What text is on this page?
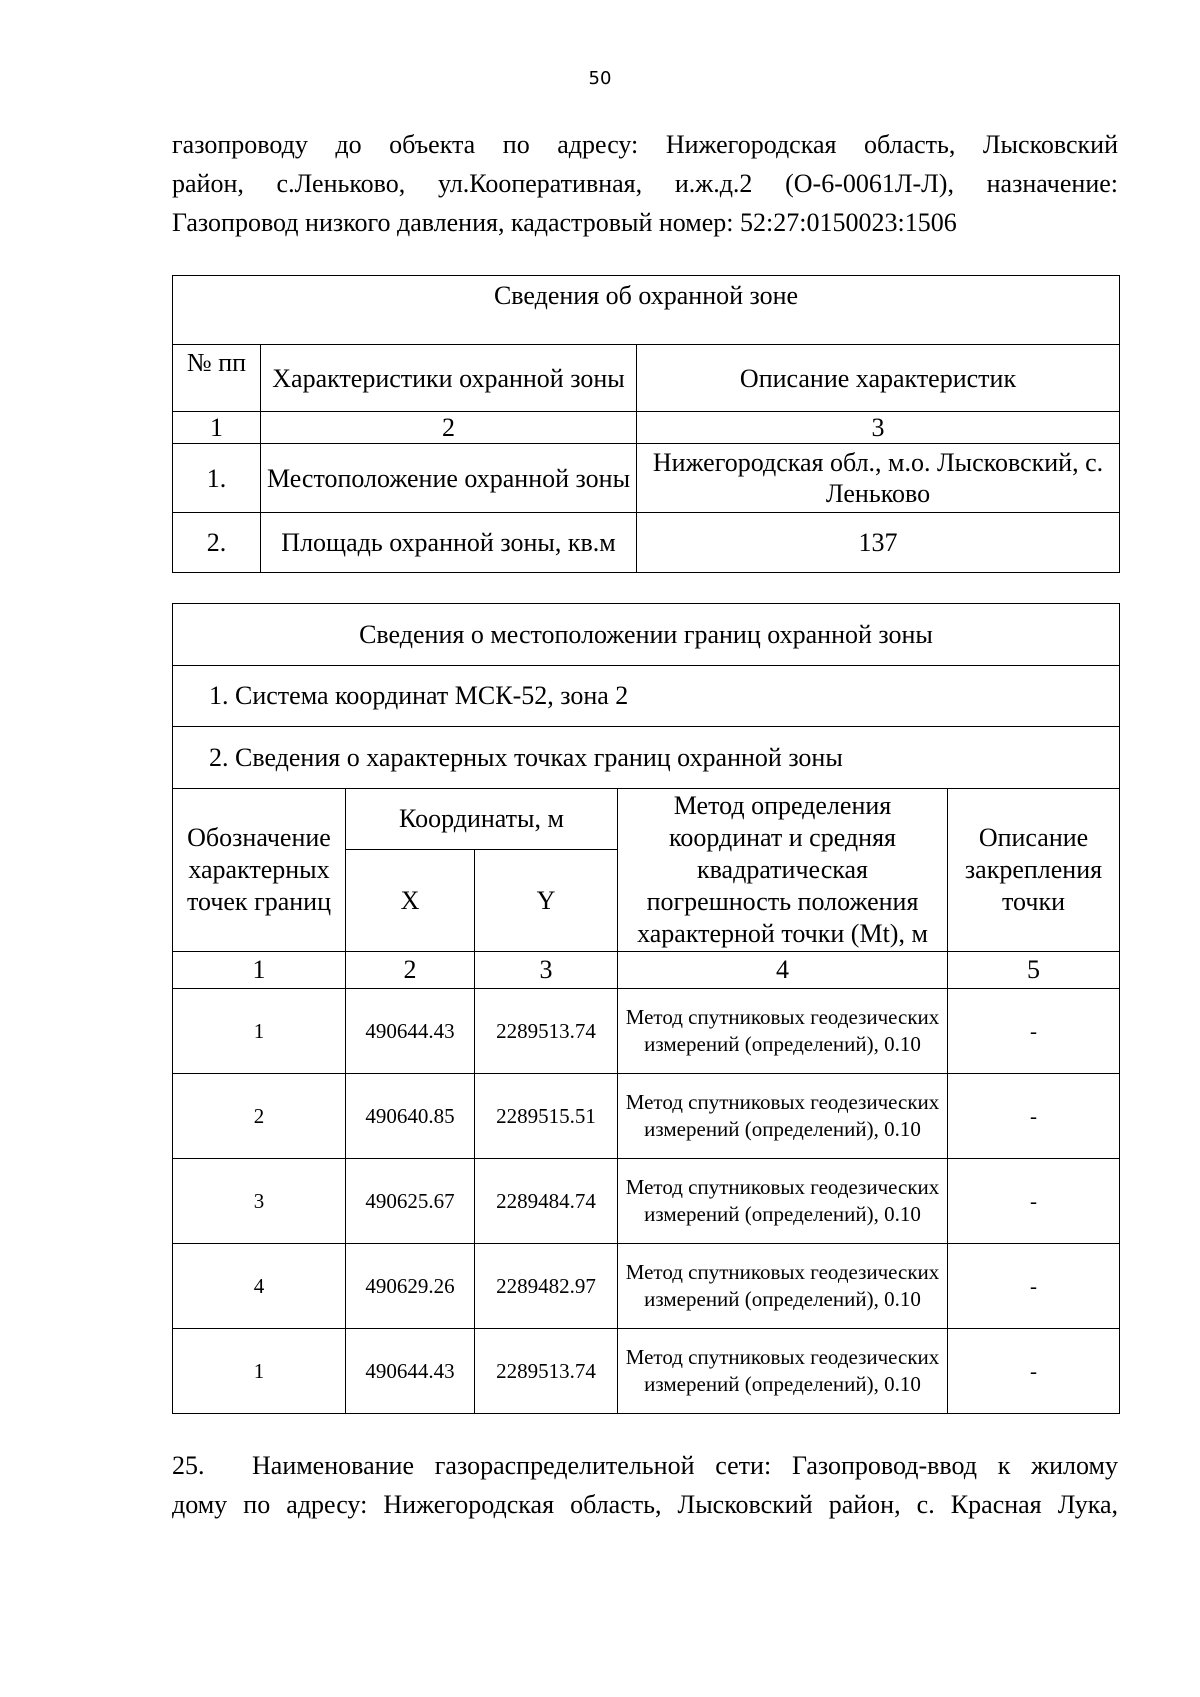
50
газопроводу до объекта по адресу: Нижегородская область, Лысковский
район, с.Леньково, ул.Кооперативная, и.ж.д.2 (О-6-0061Л-Л), назначение:
Газопровод низкого давления, кадастровый номер: 52:27:0150023:1506
Сведения об охранной зоне		
№ пп	Характеристики охранной зоны	Описание характеристик
1	2	3
1.	Местоположение охранной зоны	Нижегородская обл., м.о. Лысковский, с. Леньково
2.	Площадь охранной зоны, кв.м	137
Сведения о местоположении границ охранной зоны				
1. Система координат МСК-52, зона 2				
2. Сведения о характерных точках границ охранной зоны				
Обозначение характерных точек границ	Координаты, м		Метод определения координат и средняя квадратическая погрешность положения характерной точки (Mt), м	Описание закрепления точки
	X	Y		
1	2	3	4	5
1	490644.43	2289513.74	Метод спутниковых геодезических измерений (определений), 0.10	-
2	490640.85	2289515.51	Метод спутниковых геодезических измерений (определений), 0.10	-
3	490625.67	2289484.74	Метод спутниковых геодезических измерений (определений), 0.10	-
4	490629.26	2289482.97	Метод спутниковых геодезических измерений (определений), 0.10	-
1	490644.43	2289513.74	Метод спутниковых геодезических измерений (определений), 0.10	-
25. Наименование газораспределительной сети: Газопровод-ввод к жилому
дому по адресу: Нижегородская область, Лысковский район, с. Красная Лука,
